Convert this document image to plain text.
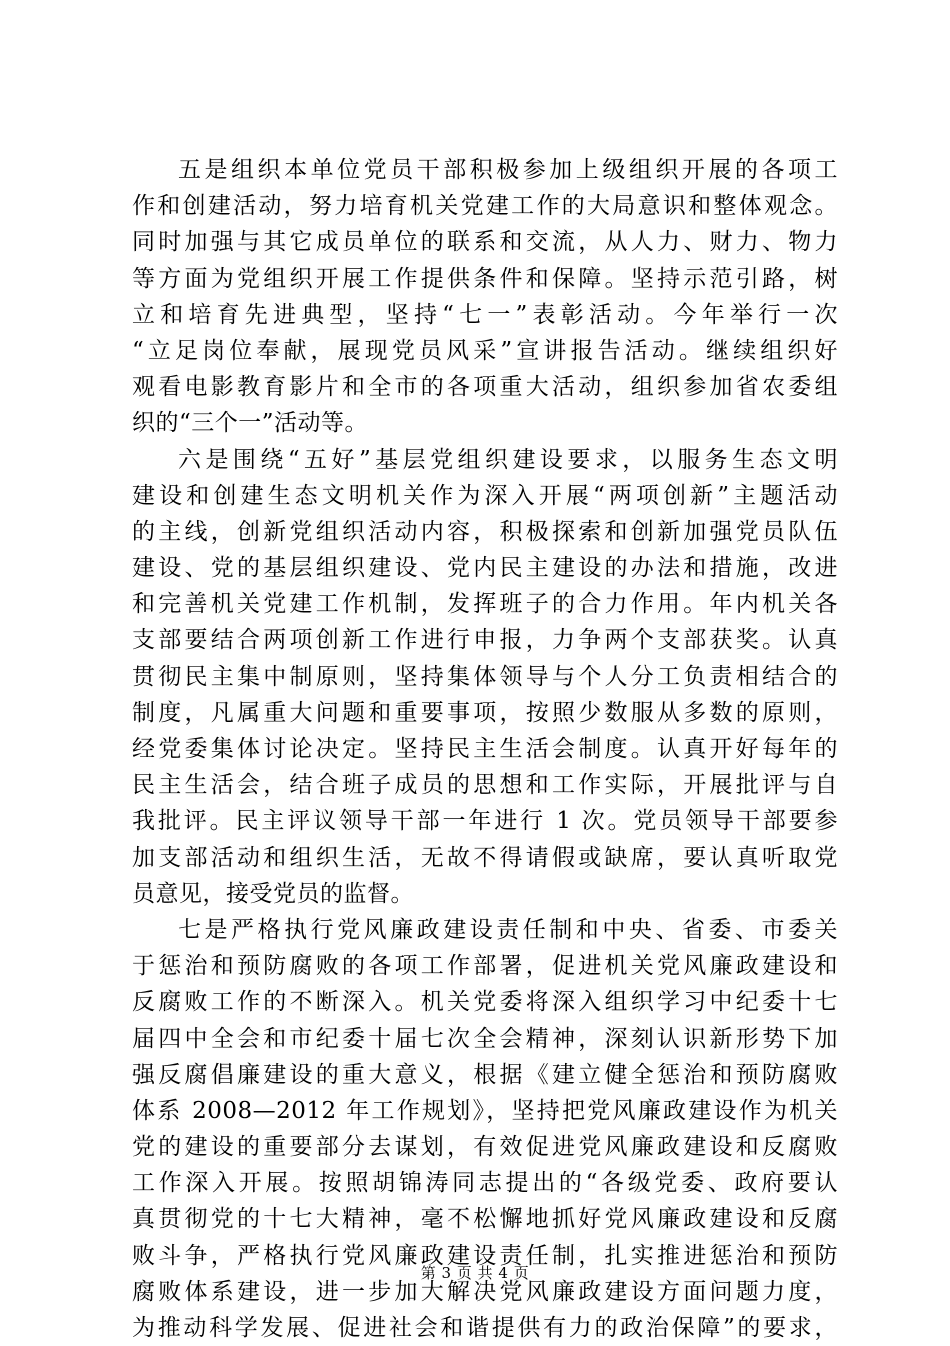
五是组织本单位党员干部积极参加上级组织开展的各项工
作和创建活动，努力培育机关党建工作的大局意识和整体观念。
同时加强与其它成员单位的联系和交流，从人力、财力、物力
等方面为党组织开展工作提供条件和保障。坚持示范引路，树
立和培育先进典型，坚持“七一”表彰活动。今年举行一次
“立足岗位奉献，展现党员风采”宣讲报告活动。继续组织好
观看电影教育影片和全市的各项重大活动，组织参加省农委组
织的“三个一”活动等。
六是围绕“五好”基层党组织建设要求，以服务生态文明
建设和创建生态文明机关作为深入开展“两项创新”主题活动
的主线，创新党组织活动内容，积极探索和创新加强党员队伍
建设、党的基层组织建设、党内民主建设的办法和措施，改进
和完善机关党建工作机制，发挥班子的合力作用。年内机关各
支部要结合两项创新工作进行申报，力争两个支部获奖。认真
贯彻民主集中制原则，坚持集体领导与个人分工负责相结合的
制度，凡属重大问题和重要事项，按照少数服从多数的原则，
经党委集体讨论决定。坚持民主生活会制度。认真开好每年的
民主生活会，结合班子成员的思想和工作实际，开展批评与自
我批评。民主评议领导干部一年进行 1 次。党员领导干部要参
加支部活动和组织生活，无故不得请假或缺席，要认真听取党
员意见，接受党员的监督。
七是严格执行党风廉政建设责任制和中央、省委、市委关
于惩治和预防腐败的各项工作部署，促进机关党风廉政建设和
反腐败工作的不断深入。机关党委将深入组织学习中纪委十七
届四中全会和市纪委十届七次全会精神，深刻认识新形势下加
强反腐倡廉建设的重大意义，根据《建立健全惩治和预防腐败
体系 2008—2012 年工作规划》，坚持把党风廉政建设作为机关
党的建设的重要部分去谋划，有效促进党风廉政建设和反腐败
工作深入开展。按照胡锦涛同志提出的“各级党委、政府要认
真贯彻党的十七大精神，毫不松懈地抓好党风廉政建设和反腐
败斗争，严格执行党风廉政建设责任制，扎实推进惩治和预防
腐败体系建设，进一步加大解决党风廉政建设方面问题力度，
为推动科学发展、促进社会和谐提供有力的政治保障”的要求，
第 3 页 共 4 页
